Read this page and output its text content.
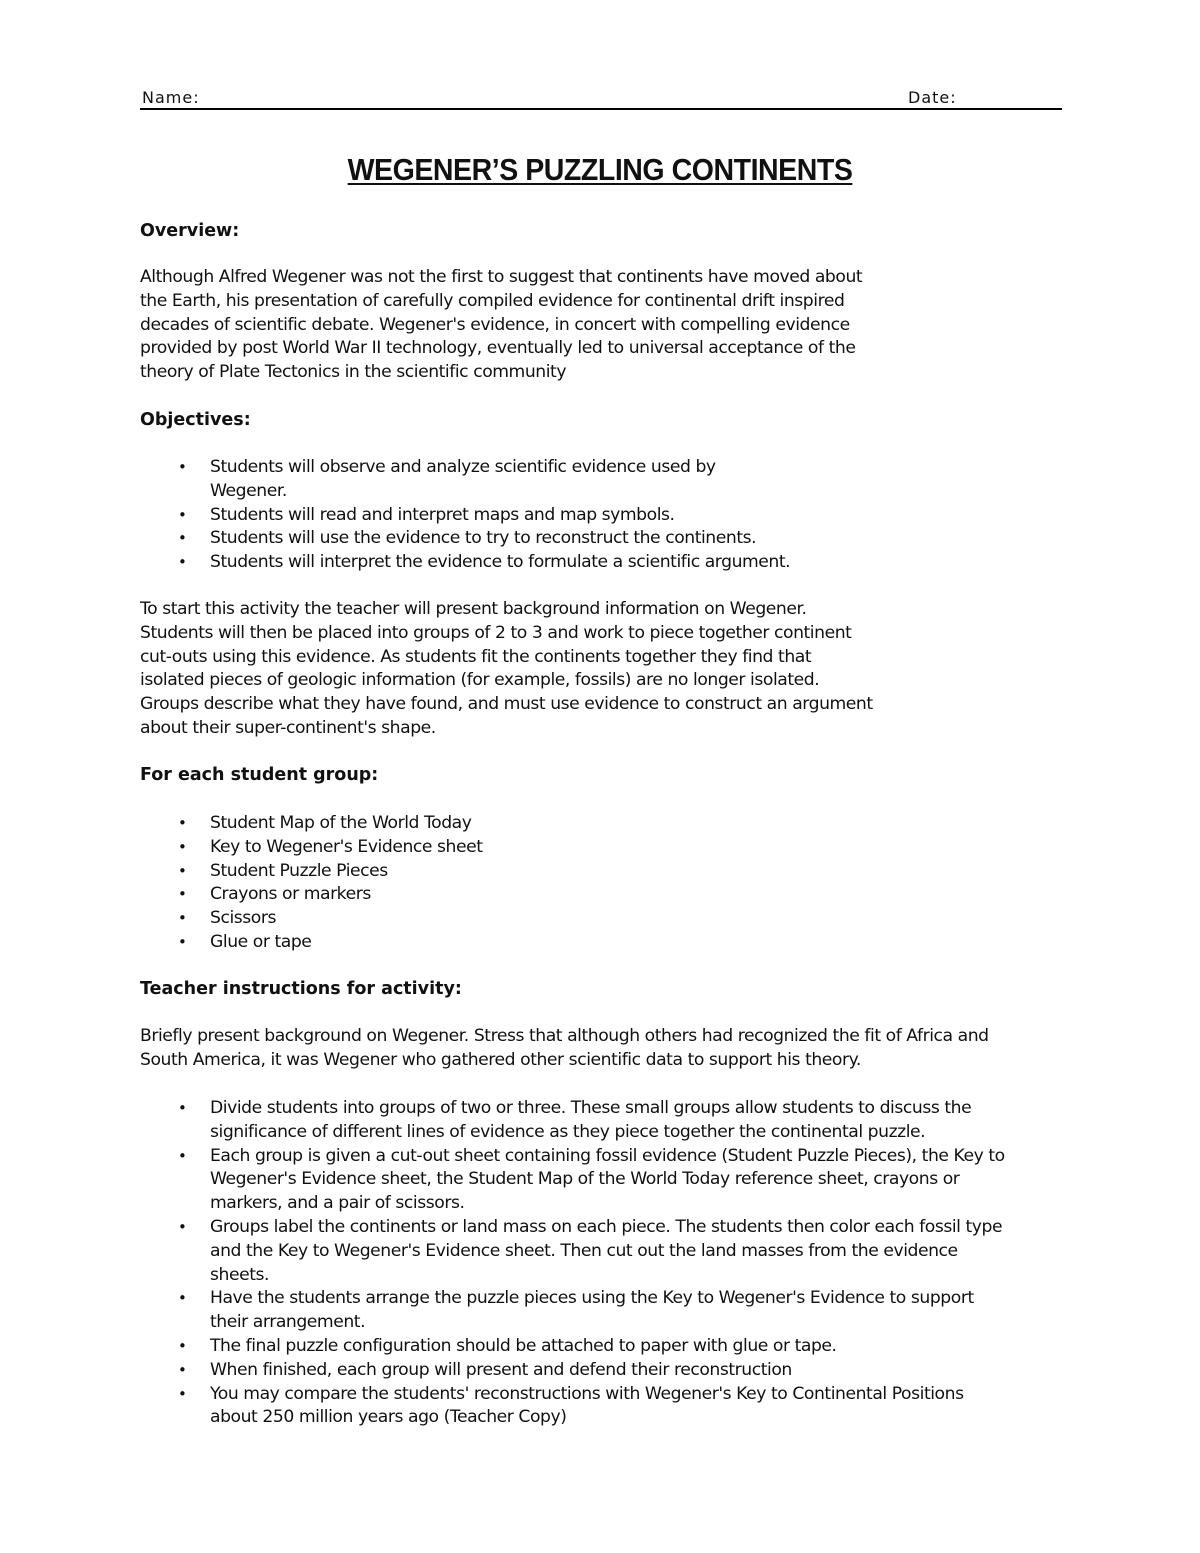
Name:	Date:
WEGENER’S PUZZLING CONTINENTS
Overview:
Although Alfred Wegener was not the first to suggest that continents have moved about
the Earth, his presentation of carefully compiled evidence for continental drift inspired
decades of scientific debate. Wegener's evidence, in concert with compelling evidence
provided by post World War II technology, eventually led to universal acceptance of the
theory of Plate Tectonics in the scientific community
Objectives:
• Students will observe and analyze scientific evidence used by
Wegener.
• Students will read and interpret maps and map symbols.
• Students will use the evidence to try to reconstruct the continents.
• Students will interpret the evidence to formulate a scientific argument.
To start this activity the teacher will present background information on Wegener.
Students will then be placed into groups of 2 to 3 and work to piece together continent
cut-outs using this evidence. As students fit the continents together they find that
isolated pieces of geologic information (for example, fossils) are no longer isolated.
Groups describe what they have found, and must use evidence to construct an argument
about their super-continent's shape.
For each student group:
• Student Map of the World Today
• Key to Wegener's Evidence sheet
• Student Puzzle Pieces
• Crayons or markers
• Scissors
• Glue or tape
Teacher instructions for activity:
Briefly present background on Wegener. Stress that although others had recognized the fit of Africa and
South America, it was Wegener who gathered other scientific data to support his theory.
• Divide students into groups of two or three. These small groups allow students to discuss the
significance of different lines of evidence as they piece together the continental puzzle.
• Each group is given a cut-out sheet containing fossil evidence (Student Puzzle Pieces), the Key to
Wegener's Evidence sheet, the Student Map of the World Today reference sheet, crayons or
markers, and a pair of scissors.
• Groups label the continents or land mass on each piece. The students then color each fossil type
and the Key to Wegener's Evidence sheet. Then cut out the land masses from the evidence
sheets.
• Have the students arrange the puzzle pieces using the Key to Wegener's Evidence to support
their arrangement.
• The final puzzle configuration should be attached to paper with glue or tape.
• When finished, each group will present and defend their reconstruction
• You may compare the students' reconstructions with Wegener's Key to Continental Positions
about 250 million years ago (Teacher Copy)
